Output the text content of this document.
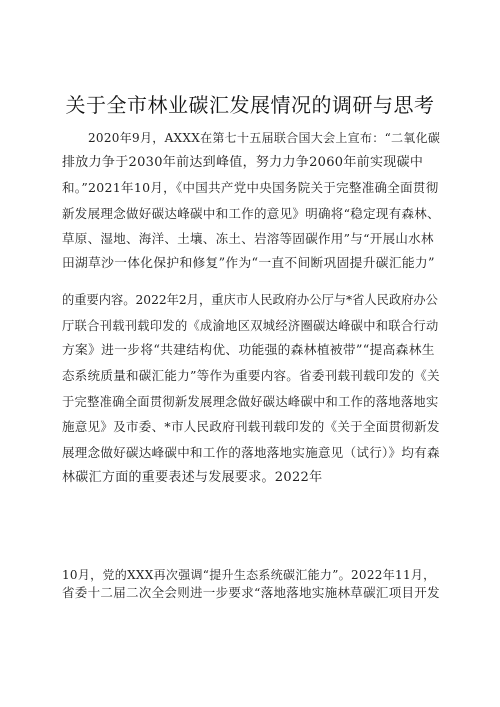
关于全市林业碳汇发展情况的调研与思考
2020年9月，AXXX在第七十五届联合国大会上宣布：“二氧化碳
排放力争于2030年前达到峰值，努力力争2060年前实现碳中
和。”2021年10月，《中国共产党中央国务院关于完整准确全面贯彻
新发展理念做好碳达峰碳中和工作的意见》明确将“稳定现有森林、
草原、湿地、海洋、土壤、冻土、岩溶等固碳作用”与“开展山水林
田湖草沙一体化保护和修复”作为“一直不间断巩固提升碳汇能力”
的重要内容。2022年2月，重庆市人民政府办公厅与*省人民政府办公
厅联合刊载刊载印发的《成渝地区双城经济圈碳达峰碳中和联合行动
方案》进一步将“共建结构优、功能强的森林植被带”“提高森林生
态系统质量和碳汇能力”等作为重要内容。省委刊载刊载印发的《关
于完整准确全面贯彻新发展理念做好碳达峰碳中和工作的落地落地实
施意见》及市委、*市人民政府刊载刊载印发的《关于全面贯彻新发
展理念做好碳达峰碳中和工作的落地落地实施意见（试行）》均有森
林碳汇方面的重要表述与发展要求。2022年
10月，党的XXX再次强调“提升生态系统碳汇能力”。2022年11月，
省委十二届二次全会则进一步要求“落地落地实施林草碳汇项目开发
